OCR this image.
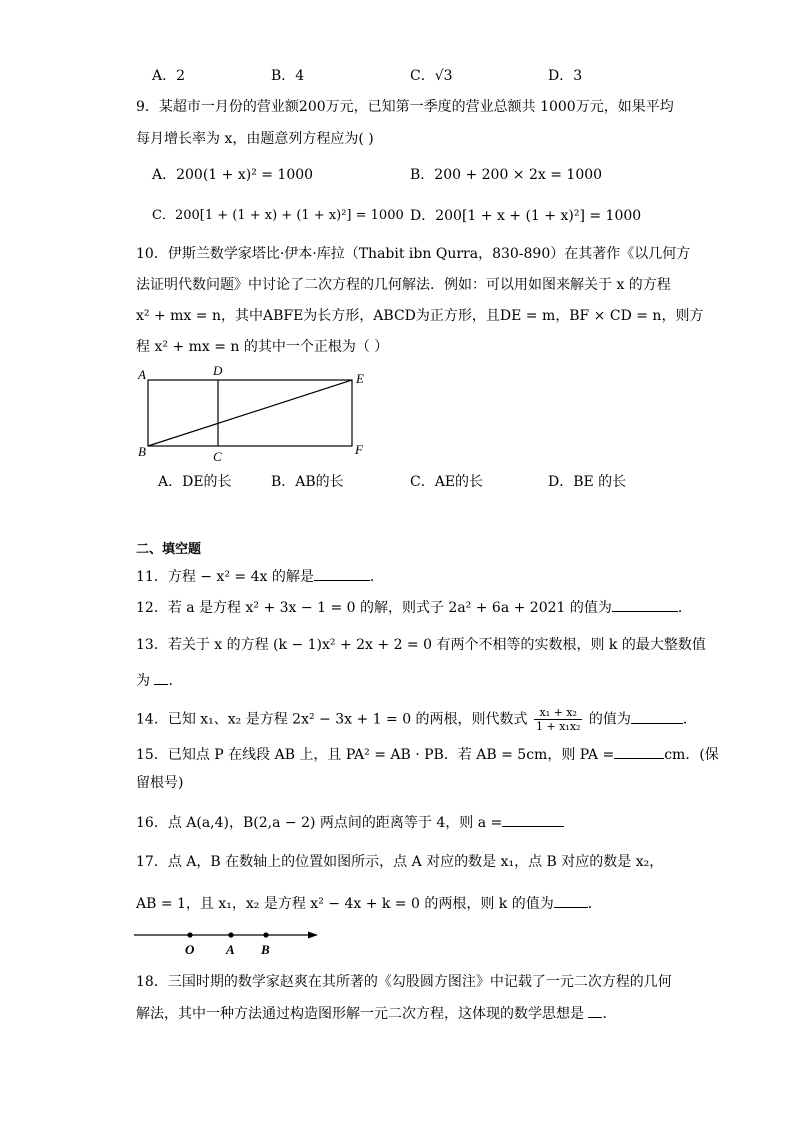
A．2	B．4	C．√3	D．3
9．某超市一月份的营业额200万元，已知第一季度的营业总额共 1000万元，如果平均
每月增长率为 x，由题意列方程应为( )
A．200(1 + x)² = 1000	B．200 + 200 × 2x = 1000
C．200[1 + (1 + x) + (1 + x)²] = 1000 D．200[1 + x + (1 + x)²] = 1000
10．伊斯兰数学家塔比·伊本·库拉（Thabit ibn Qurra，830-890）在其著作《以几何方
法证明代数问题》中讨论了二次方程的几何解法．例如：可以用如图来解关于 x 的方程
x² + mx = n，其中ABFE为长方形，ABCD为正方形，且DE = m，BF × CD = n，则方
程 x² + mx = n 的其中一个正根为（ ）
A
B	C
D
E
F
A．DE的长	B．AB的长	C．AE的长	D．BE 的长
二、填空题
11．方程 − x² = 4x 的解是	．
12．若 a 是方程 x² + 3x − 1 = 0 的解，则式子 2a² + 6a + 2021 的值为	．
13．若关于 x 的方程 (k − 1)x² + 2x + 2 = 0 有两个不相等的实数根，则 k 的最大整数值
为 ．
14．已知 x₁、x₂ 是方程 2x² − 3x + 1 = 0 的两根，则代数式 $\frac{\text{x₁ + x₂}}{\text{1 + x₁x₂}}$ 的值为	．
15．已知点 P 在线段 AB 上，且 PA² = AB · PB．若 AB = 5cm，则 PA =	cm．(保
留根号)
16．点 A(a,4)，B(2,a − 2) 两点间的距离等于 4，则 a =
17．点 A，B 在数轴上的位置如图所示，点 A 对应的数是 x₁，点 B 对应的数是 x₂，
AB = 1，且 x₁，x₂ 是方程 x² − 4x + k = 0 的两根，则 k 的值为 ．
O A B
18．三国时期的数学家赵爽在其所著的《勾股圆方图注》中记载了一元二次方程的几何
解法，其中一种方法通过构造图形解一元二次方程，这体现的数学思想是 ．
